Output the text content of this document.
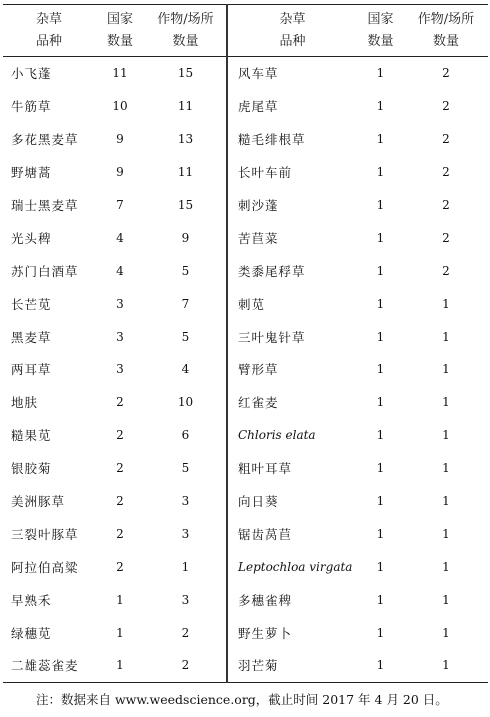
杂草	国家	作物/场所	杂草	国家	作物/场所
品种	数量	数量	品种	数量	数量
小飞蓬	11	15	风车草	1	2
牛筋草	10	11	虎尾草	1	2
多花黑麦草	9	13	糙毛绯根草	1	2
野塘蒿	9	11	长叶车前	1	2
瑞士黑麦草	7	15	刺沙蓬	1	2
光头稗	4	9	苦苣菜	1	2
苏门白酒草	4	5	类黍尾稃草	1	2
长芒苋	3	7	刺苋	1	1
黑麦草	3	5	三叶鬼针草	1	1
两耳草	3	4	臂形草	1	1
地肤	2	10	红雀麦	1	1
糙果苋	2	6	Chloris elata	1	1
银胶菊	2	5	粗叶耳草	1	1
美洲豚草	2	3	向日葵	1	1
三裂叶豚草	2	3	锯齿莴苣	1	1
阿拉伯高粱	2	1	Leptochloa virgata	1	1
早熟禾	1	3	多穗雀稗	1	1
绿穗苋	1	2	野生萝卜	1	1
二雄蕊雀麦	1	2	羽芒菊	1	1
注：数据来自 www.weedscience.org，截止时间 2017 年 4 月 20 日。
